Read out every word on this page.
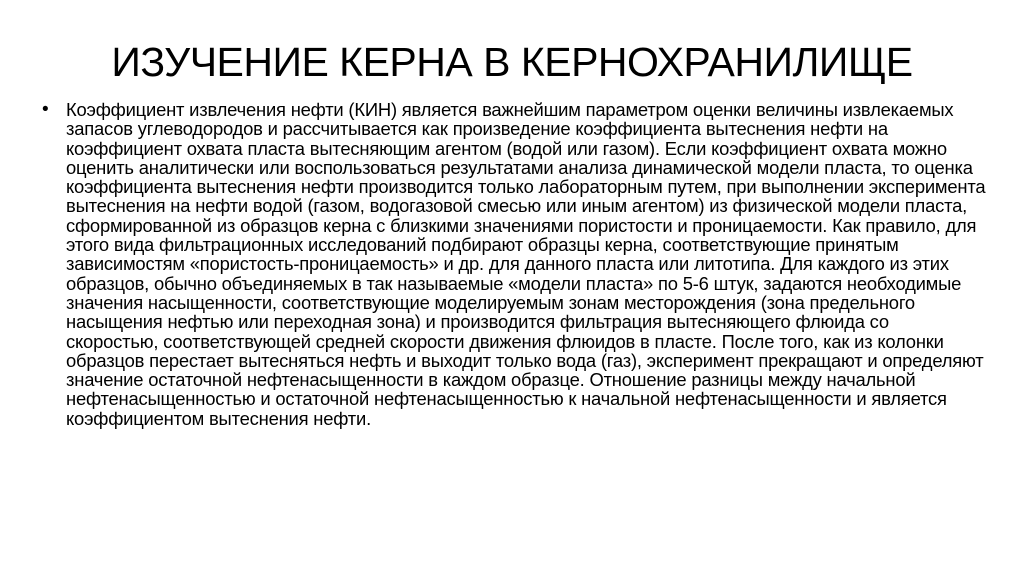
ИЗУЧЕНИЕ КЕРНА В КЕРНОХРАНИЛИЩЕ
• Коэффициент извлечения нефти (КИН) является важнейшим параметром оценки величины извлекаемых запасов углеводородов и рассчитывается как произведение коэффициента вытеснения нефти на коэффициент охвата пласта вытесняющим агентом (водой или газом). Если коэффициент охвата можно оценить аналитически или воспользоваться результатами анализа динамической модели пласта, то оценка коэффициента вытеснения нефти производится только лабораторным путем, при выполнении эксперимента вытеснения на нефти водой (газом, водогазовой смесью или иным агентом) из физической модели пласта, сформированной из образцов керна с близкими значениями пористости и проницаемости. Как правило, для этого вида фильтрационных исследований подбирают образцы керна, соответствующие принятым зависимостям «пористость-проницаемость» и др. для данного пласта или литотипа. Для каждого из этих образцов, обычно объединяемых в так называемые «модели пласта» по 5-6 штук, задаются необходимые значения насыщенности, соответствующие моделируемым зонам месторождения (зона предельного насыщения нефтью или переходная зона) и производится фильтрация вытесняющего флюида со скоростью, соответствующей средней скорости движения флюидов в пласте. После того, как из колонки образцов перестает вытесняться нефть и выходит только вода (газ), эксперимент прекращают и определяют значение остаточной нефтенасыщенности в каждом образце. Отношение разницы между начальной нефтенасыщенностью и остаточной нефтенасыщенностью к начальной нефтенасыщенности и является коэффициентом вытеснения нефти.
